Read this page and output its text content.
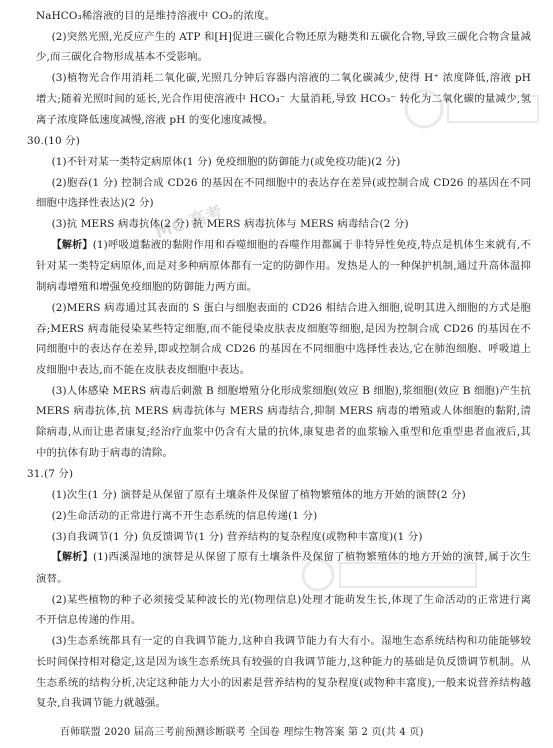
MC 高考

NaHCO₃稀溶液的目的是维持溶液中 CO₂的浓度。

(2)突然光照,光反应产生的 ATP 和[H]促进三碳化合物还原为糖类和五碳化合物,导致三碳化合物含量减少,而三碳化合物形成基本不受影响。

(3)植物光合作用消耗二氧化碳,光照几分钟后容器内溶液的二氧化碳减少,使得 H⁺ 浓度降低,溶液 pH 增大;随着光照时间的延长,光合作用使溶液中 HCO₃⁻ 大量消耗,导致 HCO₃⁻ 转化为二氧化碳的量减少,氢离子浓度降低速度减慢,溶液 pH 的变化速度减慢。

30.(10 分)

(1)不针对某一类特定病原体(1 分) 免疫细胞的防御能力(或免疫功能)(2 分)

(2)胞吞(1 分) 控制合成 CD26 的基因在不同细胞中的表达存在差异(或控制合成 CD26 的基因在不同细胞中选择性表达)(2 分)

(3)抗 MERS 病毒抗体(2 分) 抗 MERS 病毒抗体与 MERS 病毒结合(2 分)

【解析】(1)呼吸道黏液的黏附作用和吞噬细胞的吞噬作用都属于非特异性免疫,特点是机体生来就有,不针对某一类特定病原体,而是对多种病原体都有一定的防御作用。发热是人的一种保护机制,通过升高体温抑制病毒增殖和增强免疫细胞的防御能力两方面。

(2)MERS 病毒通过其表面的 S 蛋白与细胞表面的 CD26 相结合进入细胞,说明其进入细胞的方式是胞吞;MERS 病毒能侵染某些特定细胞,而不能侵染皮肤表皮细胞等细胞,是因为控制合成 CD26 的基因在不同细胞中的表达存在差异,即或控制合成 CD26 的基因在不同细胞中选择性表达,它在肺泡细胞、呼吸道上皮细胞中表达,而不能在皮肤表皮细胞中表达。

(3)人体感染 MERS 病毒后刺激 B 细胞增殖分化形成浆细胞(效应 B 细胞),浆细胞(效应 B 细胞)产生抗 MERS 病毒抗体,抗 MERS 病毒抗体与 MERS 病毒结合,抑制 MERS 病毒的增殖或人体细胞的黏附,清除病毒,从而让患者康复;经治疗血浆中仍含有大量的抗体,康复患者的血浆输入重型和危重型患者血液后,其中的抗体有助于病毒的清除。

31.(7 分)

(1)次生(1 分) 演替是从保留了原有土壤条件及保留了植物繁殖体的地方开始的演替(2 分)

(2)生命活动的正常进行离不开生态系统的信息传递(1 分)

(3)自我调节(1 分) 负反馈调节(1 分) 营养结构的复杂程度(或物种丰富度)(1 分)

【解析】(1)西溪湿地的演替是从保留了原有土壤条件及保留了植物繁殖体的地方开始的演替,属于次生演替。

(2)某些植物的种子必须接受某种波长的光(物理信息)处理才能萌发生长,体现了生命活动的正常进行离不开信息传递的作用。

(3)生态系统都具有一定的自我调节能力,这种自我调节能力有大有小。湿地生态系统结构和功能能够较长时间保持相对稳定,这是因为该生态系统具有较强的自我调节能力,这种能力的基础是负反馈调节机制。从生态系统的结构分析,决定这种能力大小的因素是营养结构的复杂程度(或物种丰富度),一般来说营养结构越复杂,自我调节能力就越强。

百师联盟 2020 届高三考前预测诊断联考 全国卷 理综生物答案 第 2 页(共 4 页)
